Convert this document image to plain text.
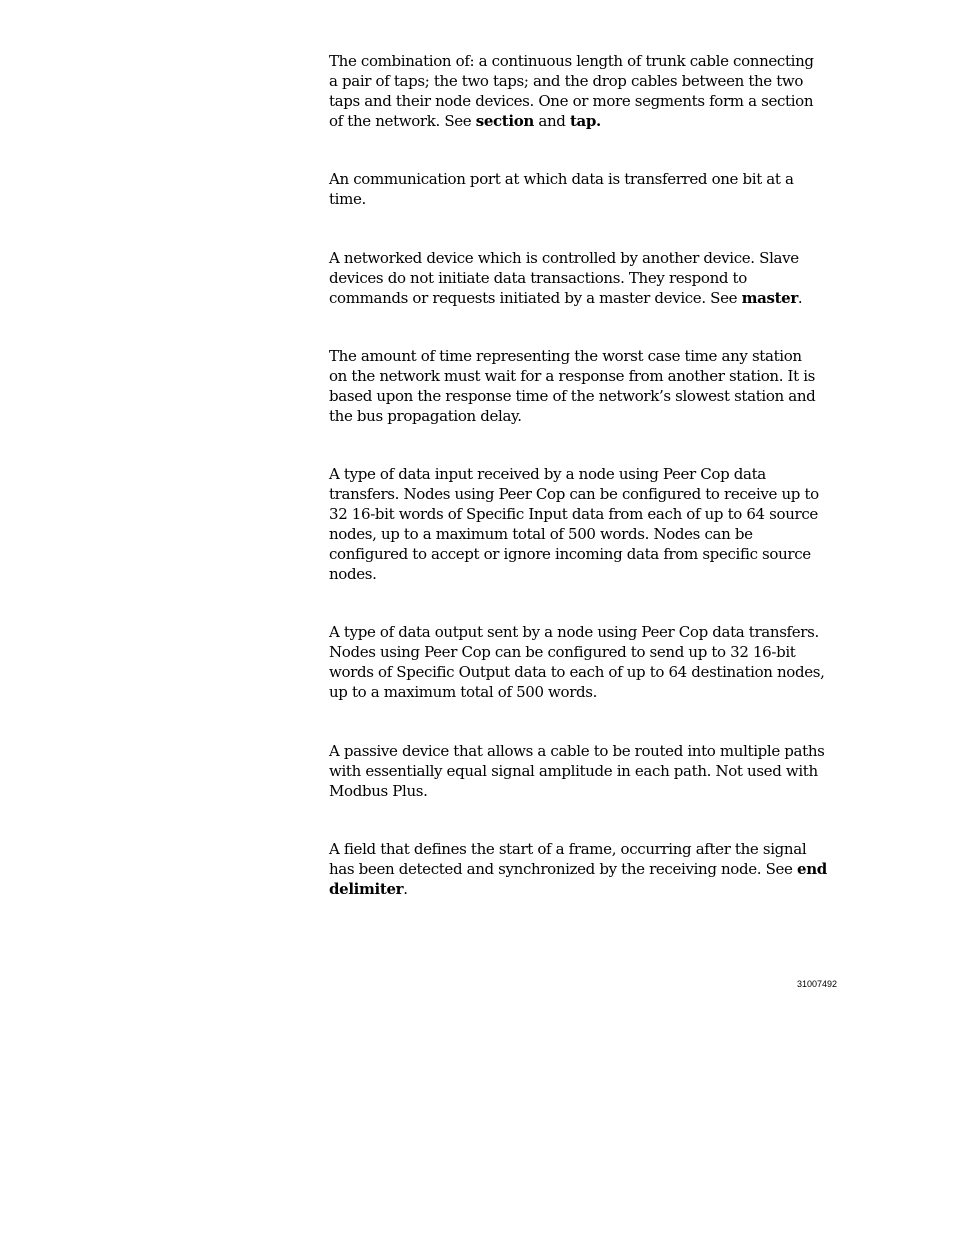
The combination of: a continuous length of trunk cable connecting
a pair of taps; the two taps; and the drop cables between the two
taps and their node devices. One or more segments form a section
of the network. See section and tap.

An communication port at which data is transferred one bit at a
time.

A networked device which is controlled by another device. Slave
devices do not initiate data transactions. They respond to
commands or requests initiated by a master device. See master.

The amount of time representing the worst case time any station
on the network must wait for a response from another station. It is
based upon the response time of the network’s slowest station and
the bus propagation delay.

A type of data input received by a node using Peer Cop data
transfers. Nodes using Peer Cop can be configured to receive up to
32 16-bit words of Specific Input data from each of up to 64 source
nodes, up to a maximum total of 500 words. Nodes can be
configured to accept or ignore incoming data from specific source
nodes.

A type of data output sent by a node using Peer Cop data transfers.
Nodes using Peer Cop can be configured to send up to 32 16-bit
words of Specific Output data to each of up to 64 destination nodes,
up to a maximum total of 500 words.

A passive device that allows a cable to be routed into multiple paths
with essentially equal signal amplitude in each path. Not used with
Modbus Plus.

A field that defines the start of a frame, occurring after the signal
has been detected and synchronized by the receiving node. See end
delimiter.

31007492
